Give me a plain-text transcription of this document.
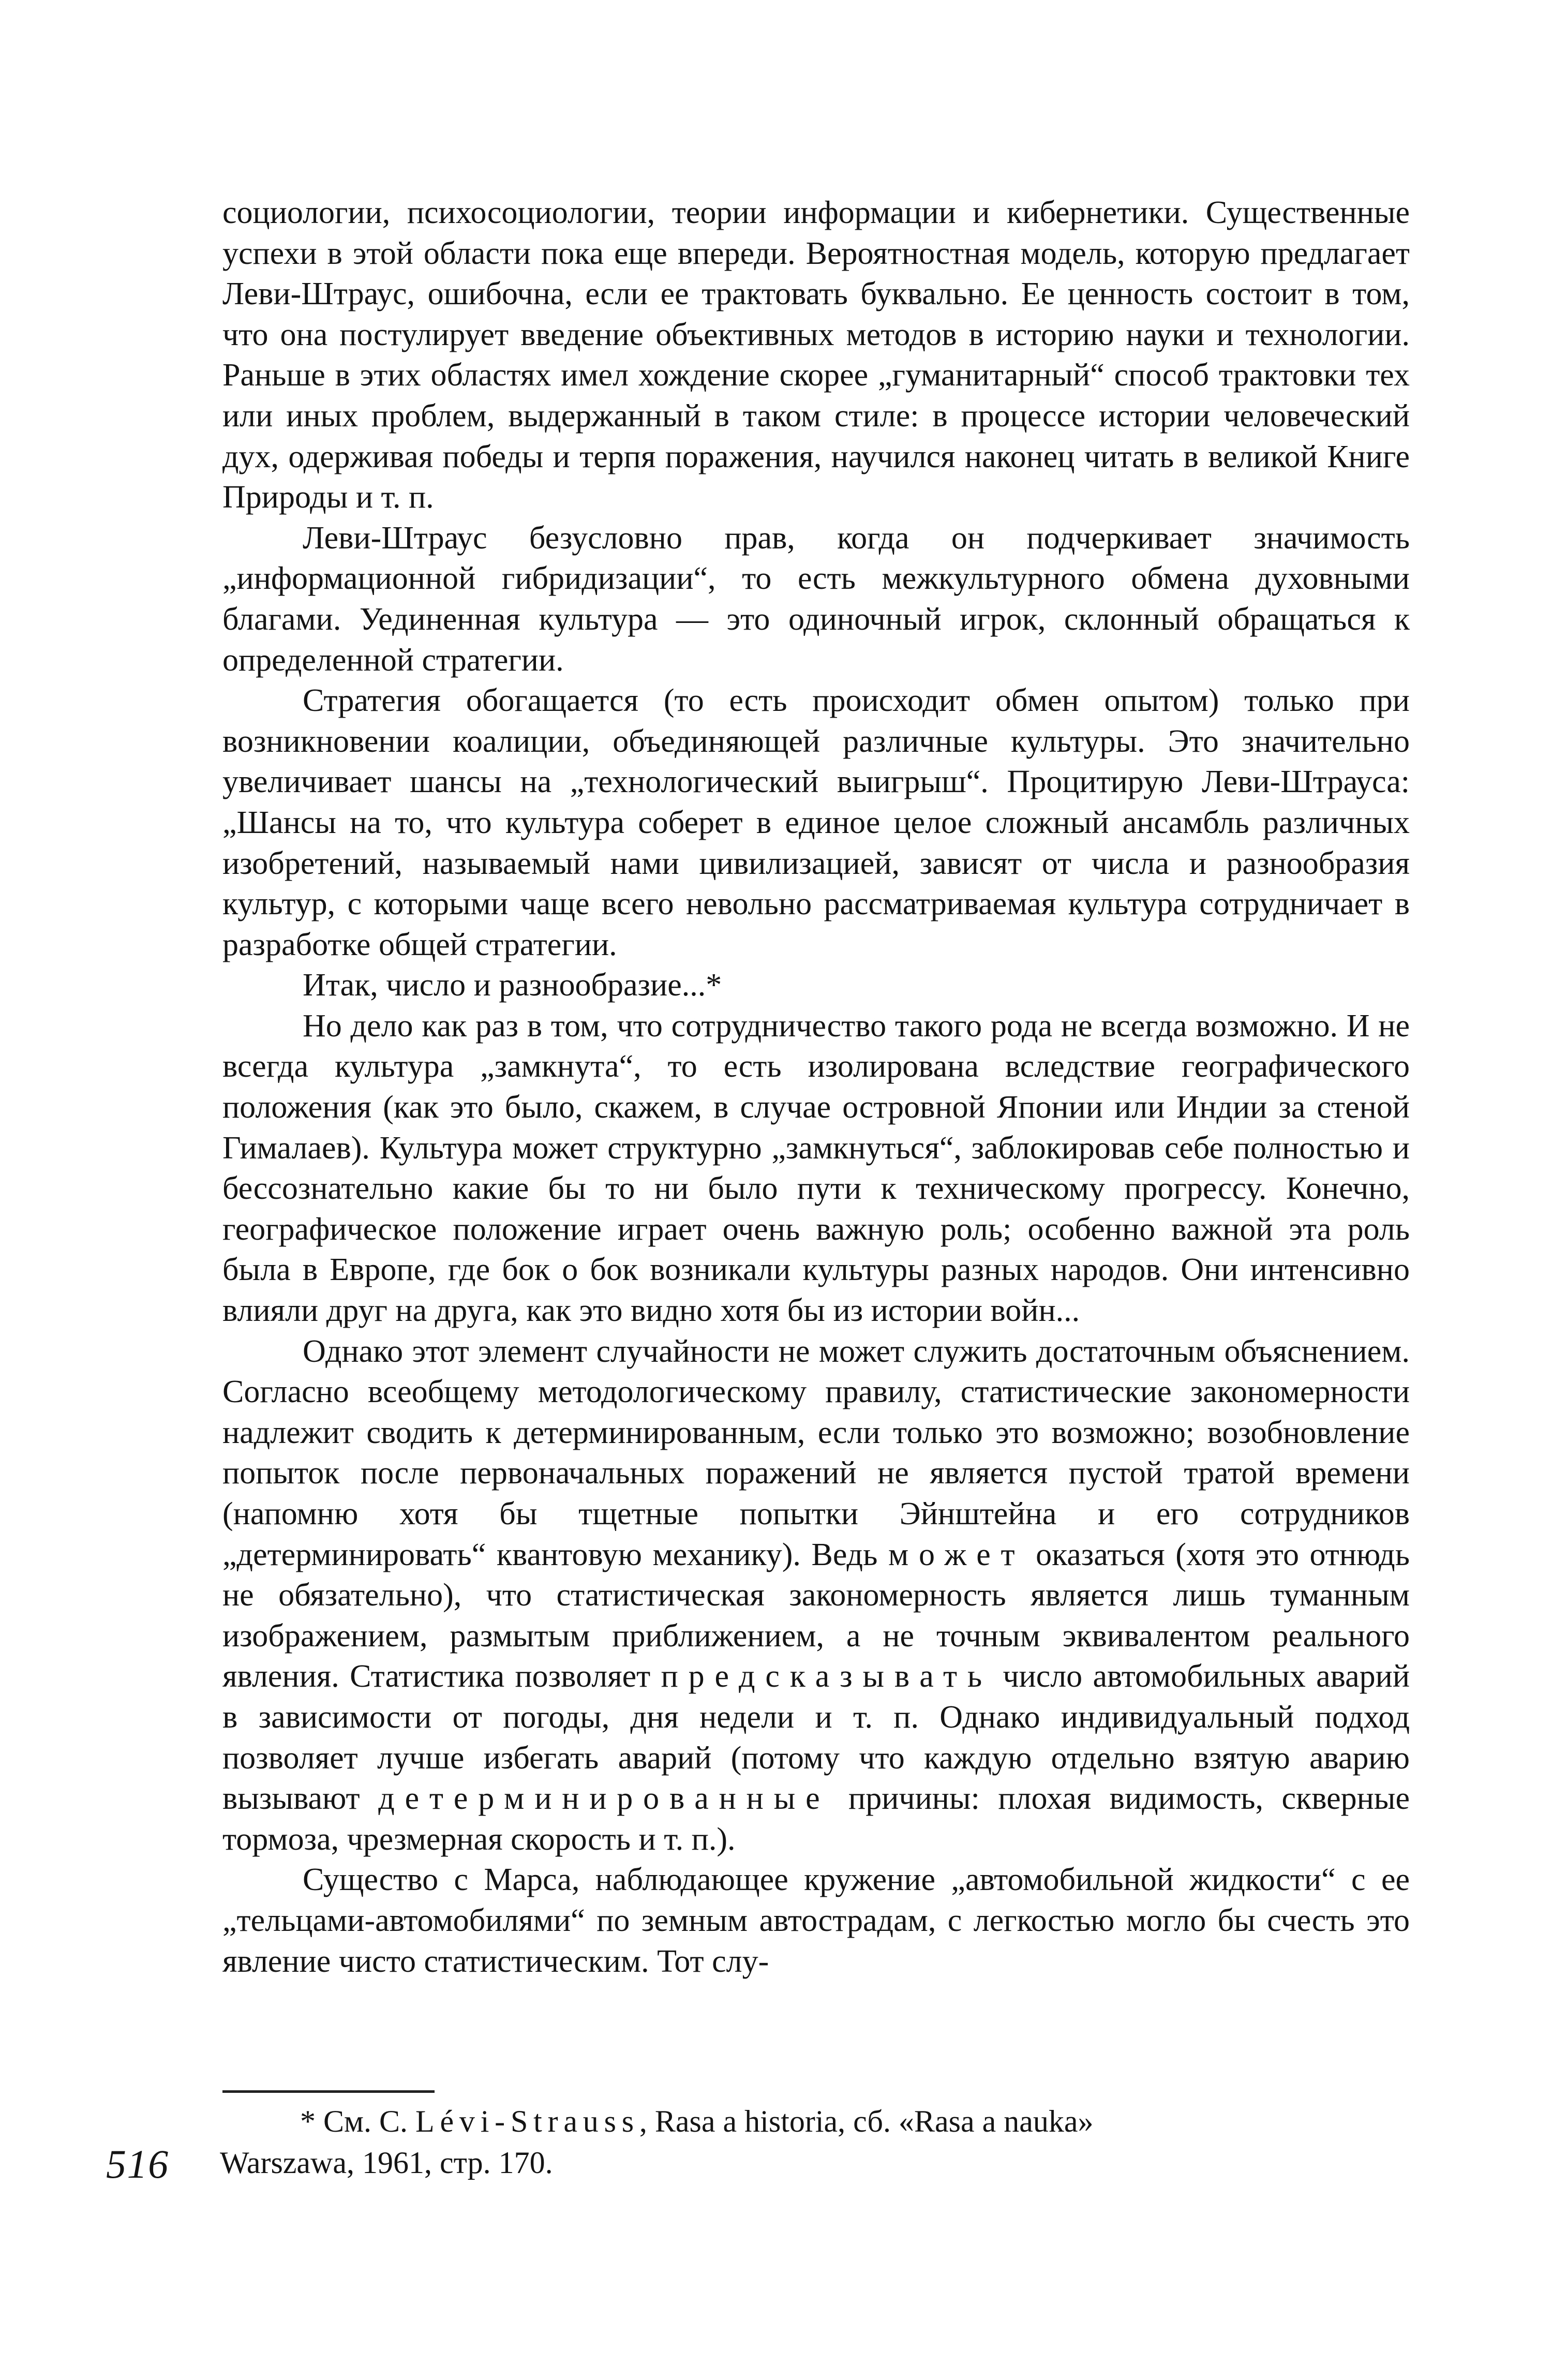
социологии, психосоциологии, теории информации и кибернетики. Существенные успехи в этой области пока еще впереди. Вероятностная модель, которую предлагает Леви-Штраус, ошибочна, если ее трактовать буквально. Ее ценность состоит в том, что она постулирует введение объективных методов в историю науки и технологии. Раньше в этих областях имел хождение скорее „гуманитарный“ способ трактовки тех или иных проблем, выдержанный в таком стиле: в процессе истории человеческий дух, одерживая победы и терпя поражения, научился наконец читать в великой Книге Природы и т. п.

Леви-Штраус безусловно прав, когда он подчеркивает значимость „информационной гибридизации“, то есть межкультурного обмена духовными благами. Уединенная культура — это одиночный игрок, склонный обращаться к определенной стратегии.

Стратегия обогащается (то есть происходит обмен опытом) только при возникновении коалиции, объединяющей различные культуры. Это значительно увеличивает шансы на „технологический выигрыш“. Процитирую Леви-Штрауса: „Шансы на то, что культура соберет в единое целое сложный ансамбль различных изобретений, называемый нами цивилизацией, зависят от числа и разнообразия культур, с которыми чаще всего невольно рассматриваемая культура сотрудничает в разработке общей стратегии.

Итак, число и разнообразие...*

Но дело как раз в том, что сотрудничество такого рода не всегда возможно. И не всегда культура „замкнута“, то есть изолирована вследствие географического положения (как это было, скажем, в случае островной Японии или Индии за стеной Гималаев). Культура может структурно „замкнуться“, заблокировав себе полностью и бессознательно какие бы то ни было пути к техническому прогрессу. Конечно, географическое положение играет очень важную роль; особенно важной эта роль была в Европе, где бок о бок возникали культуры разных народов. Они интенсивно влияли друг на друга, как это видно хотя бы из истории войн...

Однако этот элемент случайности не может служить достаточным объяснением. Согласно всеобщему методологическому правилу, статистические закономерности надлежит сводить к детерминированным, если только это возможно; возобновление попыток после первоначальных поражений не является пустой тратой времени (напомню хотя бы тщетные попытки Эйнштейна и его сотрудников „детерминировать“ квантовую механику). Ведь может оказаться (хотя это отнюдь не обязательно), что статистическая закономерность является лишь туманным изображением, размытым приближением, а не точным эквивалентом реального явления. Статистика позволяет предсказывать число автомобильных аварий в зависимости от погоды, дня недели и т. п. Однако индивидуальный подход позволяет лучше избегать аварий (потому что каждую отдельно взятую аварию вызывают детерминированные причины: плохая видимость, скверные тормоза, чрезмерная скорость и т. п.).

Существо с Марса, наблюдающее кружение „автомобильной жидкости“ с ее „тельцами-автомобилями“ по земным автострадам, с легкостью могло бы счесть это явление чисто статистическим. Тот слу-

* См. С. Lévi-Strauss, Rasa a historia, сб. «Rasa a nauka»
Warszawa, 1961, стр. 170.
516
